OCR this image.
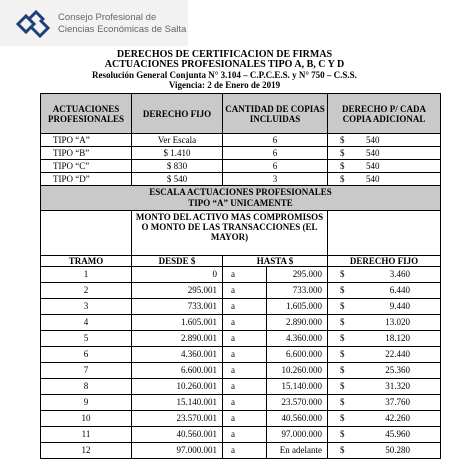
Consejo Profesional de
Ciencias Económicas de Salta
DERECHOS DE CERTIFICACION DE FIRMAS
ACTUACIONES PROFESIONALES TIPO A, B, C Y D
Resolución General Conjunta N° 3.104 – C.P.C.E.S. y N° 750 – C.S.S.
Vigencia: 2 de Enero de 2019
ACTUACIONES PROFESIONALES	DERECHO FIJO	CANTIDAD DE COPIAS INCLUIDAS		DERECHO P/ CADA COPIA ADICIONAL
TIPO “A”	Ver Escala	6		$ 540
TIPO “B”	$ 1.410	6		$ 540
TIPO “C”	$ 830	6		$ 540
TIPO “D”	$ 540	3		$ 540

ESCALA ACTUACIONES PROFESIONALES
TIPO “A” UNICAMENTE				

	MONTO DEL ACTIVO MAS COMPROMISOS O MONTO DE LAS TRANSACCIONES (EL MAYOR)			
TRAMO	DESDE $	HASTA $		DERECHO FIJO
1	0	a	295.000	$ 3.460
2	295.001	a	733.000	$ 6.440
3	733.001	a	1.605.000	$ 9.440
4	1.605.001	a	2.890.000	$ 13.020
5	2.890.001	a	4.360.000	$ 18.120
6	4.360.001	a	6.600.000	$ 22.440
7	6.600.001	a	10.260.000	$ 25.360
8	10.260.001	a	15.140.000	$ 31.320
9	15.140.001	a	23.570.000	$ 37.760
10	23.570.001	a	40.560.000	$ 42.260
11	40.560.001	a	97.000.000	$ 45.960
12	97.000.001	a	En adelante	$ 50.280
